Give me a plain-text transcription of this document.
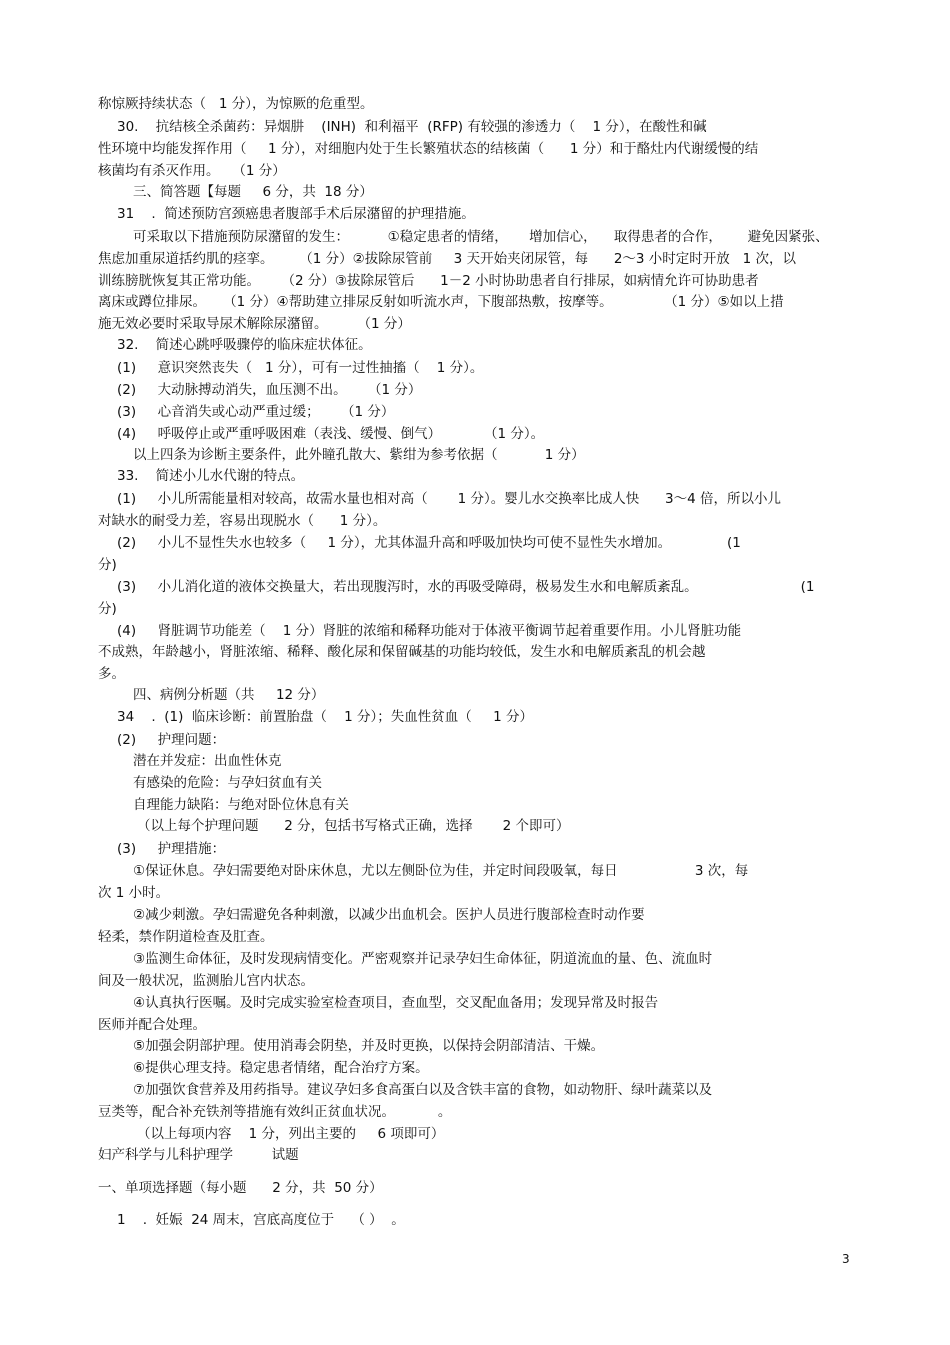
称惊厥持续状态（   1 分），为惊厥的危重型。

30.    抗结核全杀菌药：异烟肼    (INH)  和利福平  (RFP) 有较强的渗透力（    1 分），在酸性和碱

性环境中均能发挥作用（     1 分），对细胞内处于生长繁殖状态的结核菌（      1 分）和于酪灶内代谢缓慢的结

核菌均有杀灭作用。   （1 分）

三、简答题【每题     6 分，共  18 分）

31    .  简述预防宫颈癌患者腹部手术后尿潴留的护理措施。

可采取以下措施预防尿潴留的发生：         ①稳定患者的情绪，     增加信心，    取得患者的合作，      避免因紧张、

焦虑加重尿道括约肌的痉挛。      （1 分）②拔除尿管前     3 天开始夹闭尿管，每      2～3 小时定时开放   1 次，以

训练膀胱恢复其正常功能。     （2 分）③拔除尿管后      1－2 小时协助患者自行排尿，如病情允许可协助患者

离床或蹲位排尿。    （1 分）④帮助建立排尿反射如听流水声，下腹部热敷，按摩等。            （1 分）⑤如以上措

施无效必要时采取导尿术解除尿潴留。       （1 分）

32.    简述心跳呼吸骤停的临床症状体征。

(1)     意识突然丧失（   1 分），可有一过性抽搐（    1 分）。

(2)     大动脉搏动消失，血压测不出。     （1 分）

(3)     心音消失或心动严重过缓；     （1 分）

(4)     呼吸停止或严重呼吸困难（表浅、缓慢、倒气）          （1 分）。

以上四条为诊断主要条件，此外瞳孔散大、紫绀为参考依据（           1 分）

33.    简述小儿水代谢的特点。

(1)     小儿所需能量相对较高，故需水量也相对高（       1 分）。婴儿水交换率比成人快      3～4 倍，所以小儿

对缺水的耐受力差，容易出现脱水（      1 分）。

(2)     小儿不显性失水也较多（     1 分），尤其体温升高和呼吸加快均可使不显性失水增加。             (1

分)

(3)     小儿消化道的液体交换量大，若出现腹泻时，水的再吸受障碍，极易发生水和电解质紊乱。                        (1

分)

(4)     肾脏调节功能差（    1 分）肾脏的浓缩和稀释功能对于体液平衡调节起着重要作用。小儿肾脏功能

不成熟，年龄越小，肾脏浓缩、稀释、酸化尿和保留碱基的功能均较低，发生水和电解质紊乱的机会越

多。

四、病例分析题（共     12 分）

34    .  (1)  临床诊断：前置胎盘（    1 分）；失血性贫血（     1 分）

(2)     护理问题：

潜在并发症：出血性休克

有感染的危险：与孕妇贫血有关

自理能力缺陷：与绝对卧位休息有关

（以上每个护理问题      2 分，包括书写格式正确，选择       2 个即可）

(3)     护理措施：

①保证休息。孕妇需要绝对卧床休息，尤以左侧卧位为佳，并定时间段吸氧，每日                  3 次，每

次 1 小时。

②减少刺激。孕妇需避免各种刺激，以减少出血机会。医护人员进行腹部检查时动作要

轻柔，禁作阴道检查及肛查。

③监测生命体征，及时发现病情变化。严密观察并记录孕妇生命体征，阴道流血的量、色、流血时

间及一般状况，监测胎儿宫内状态。

④认真执行医嘱。及时完成实验室检查项目，查血型，交叉配血备用；发现异常及时报告

医师并配合处理。

⑤加强会阴部护理。使用消毒会阴垫，并及时更换，以保持会阴部清洁、干燥。

⑥提供心理支持。稳定患者情绪，配合治疗方案。

⑦加强饮食营养及用药指导。建议孕妇多食高蛋白以及含铁丰富的食物，如动物肝、绿叶蔬菜以及

豆类等，配合补充铁剂等措施有效纠正贫血状况。          。

（以上每项内容    1 分，列出主要的     6 项即可）

妇产科学与儿科护理学         试题

一、单项选择题（每小题      2 分，共  50 分）

1    .  妊娠  24 周末，宫底高度位于    （ ）  。

3
